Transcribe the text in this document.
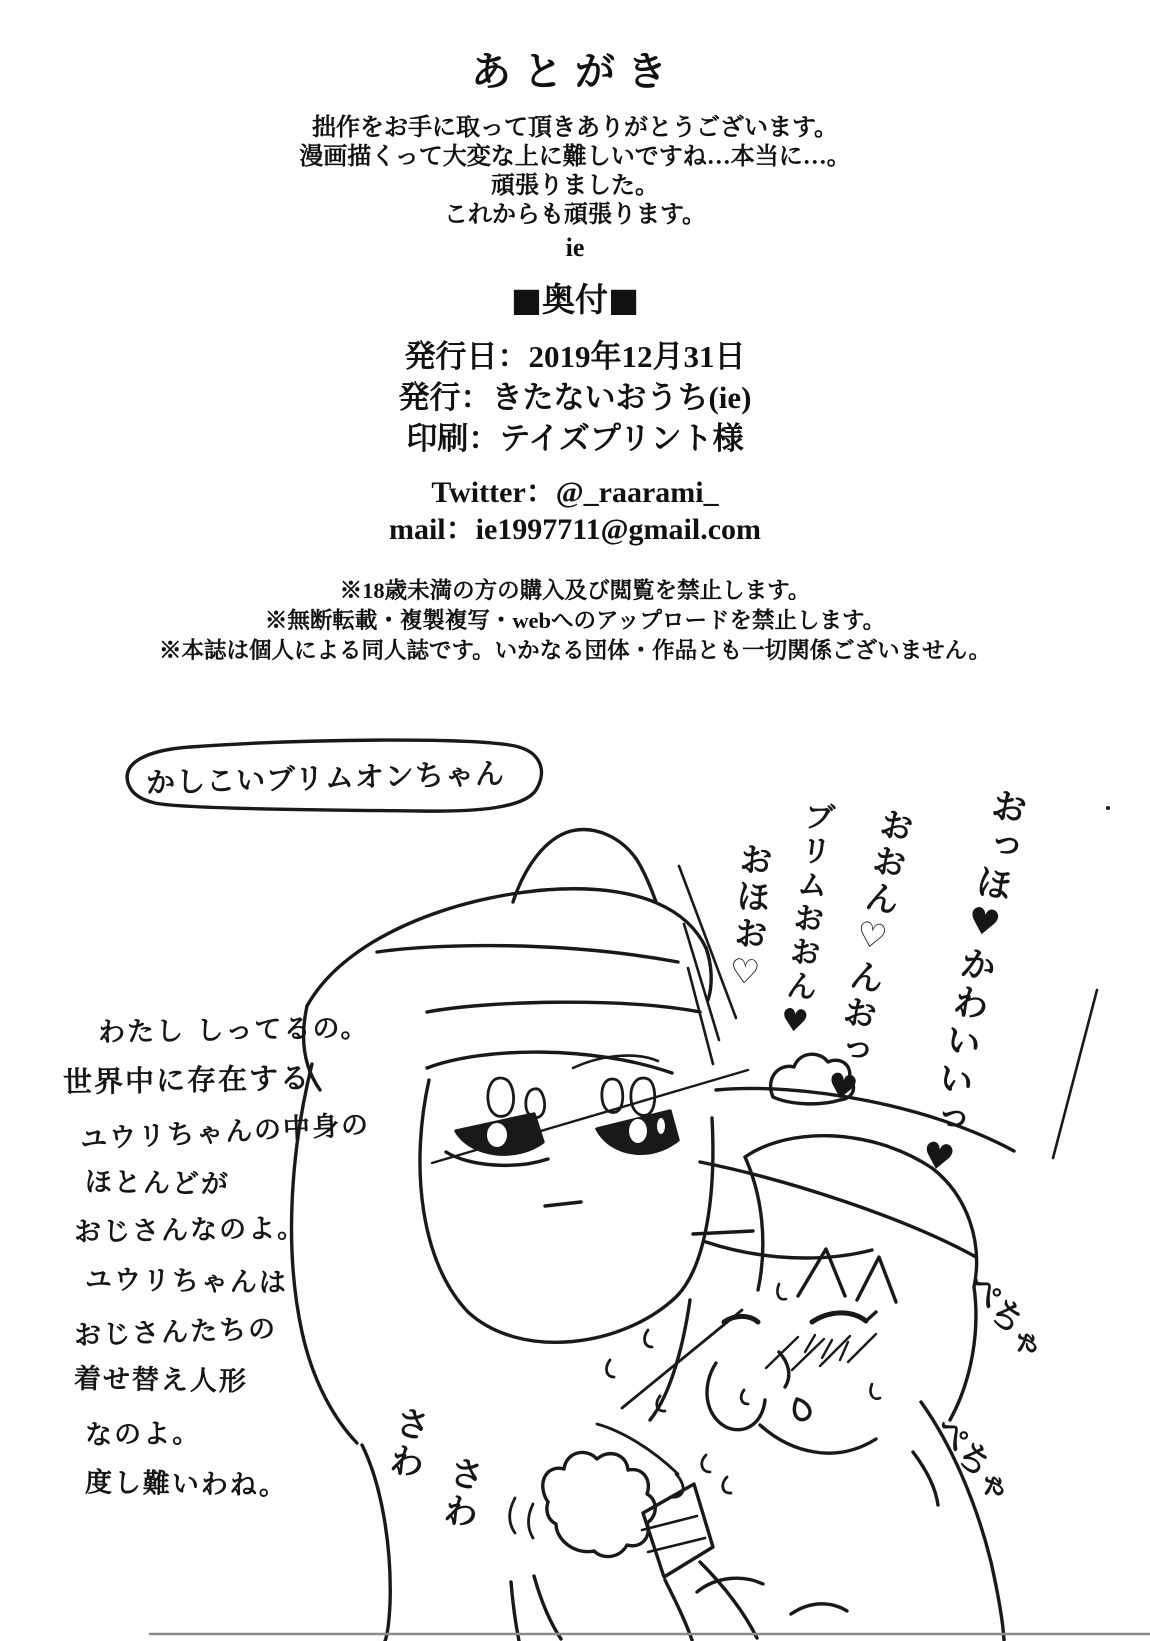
あとがき
拙作をお手に取って頂きありがとうございます。
漫画描くって大変な上に難しいですね…本当に…。
頑張りました。
これからも頑張ります。
ie
■奥付■
発行日：2019年12月31日
発行：きたないおうち(ie)
印刷：テイズプリント様
Twitter：@_raarami_
mail：ie1997711@gmail.com
※18歳未満の方の購入及び閲覧を禁止します。
※無断転載・複製複写・webへのアップロードを禁止します。
※本誌は個人による同人誌です。いかなる団体・作品とも一切関係ございません。
かしこいブリムオンちゃん
わたし しってるの。
世界中に存在する
ユウリちゃんの中身の
ほとんどが
おじさんなのよ。
ユウリちゃんは
おじさんたちの
着せ替え人形
なのよ。
度し難いわね。
おっほ♥かわいいっ♥
おおん♡んおっ♥
ブリムおおん♥
おほお♡
さわ
さわ
ぺちゃ
ぺちゃ
